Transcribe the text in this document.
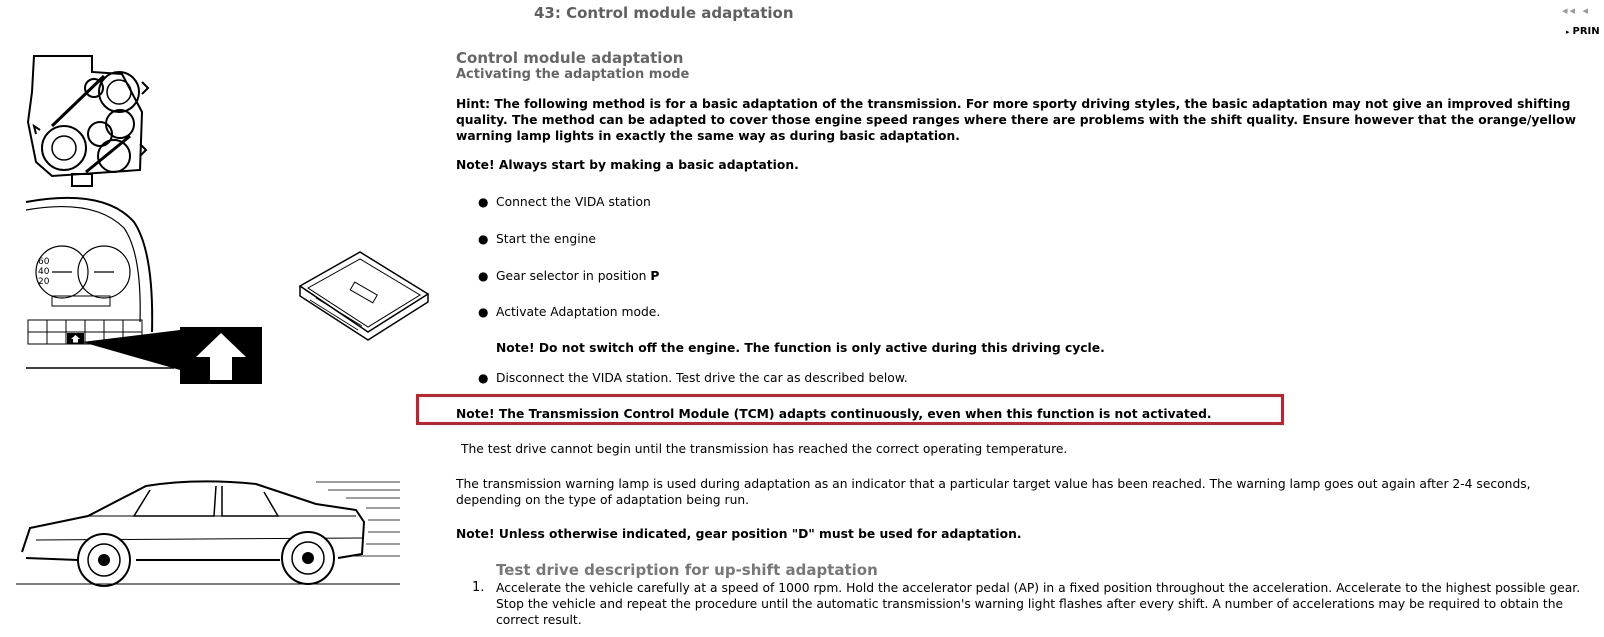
43: Control module adaptation	◂◂ ◂
▸ PRIN
60
40
20
Control module adaptation
Activating the adaptation mode
Hint: The following method is for a basic adaptation of the transmission. For more sporty driving styles, the basic adaptation may not give an improved shifting quality. The method can be adapted to cover those engine speed ranges where there are problems with the shift quality. Ensure however that the orange/yellow warning lamp lights in exactly the same way as during basic adaptation.
Note! Always start by making a basic adaptation.
● Connect the VIDA station
● Start the engine
● Gear selector in position P
● Activate Adaptation mode.
Note! Do not switch off the engine. The function is only active during this driving cycle.
● Disconnect the VIDA station. Test drive the car as described below.
Note! The Transmission Control Module (TCM) adapts continuously, even when this function is not activated.
The test drive cannot begin until the transmission has reached the correct operating temperature.
The transmission warning lamp is used during adaptation as an indicator that a particular target value has been reached. The warning lamp goes out again after 2-4 seconds, depending on the type of adaptation being run.
Note! Unless otherwise indicated, gear position "D" must be used for adaptation.
Test drive description for up-shift adaptation
1. Accelerate the vehicle carefully at a speed of 1000 rpm. Hold the accelerator pedal (AP) in a fixed position throughout the acceleration. Accelerate to the highest possible gear. Stop the vehicle and repeat the procedure until the automatic transmission's warning light flashes after every shift. A number of accelerations may be required to obtain the correct result.
